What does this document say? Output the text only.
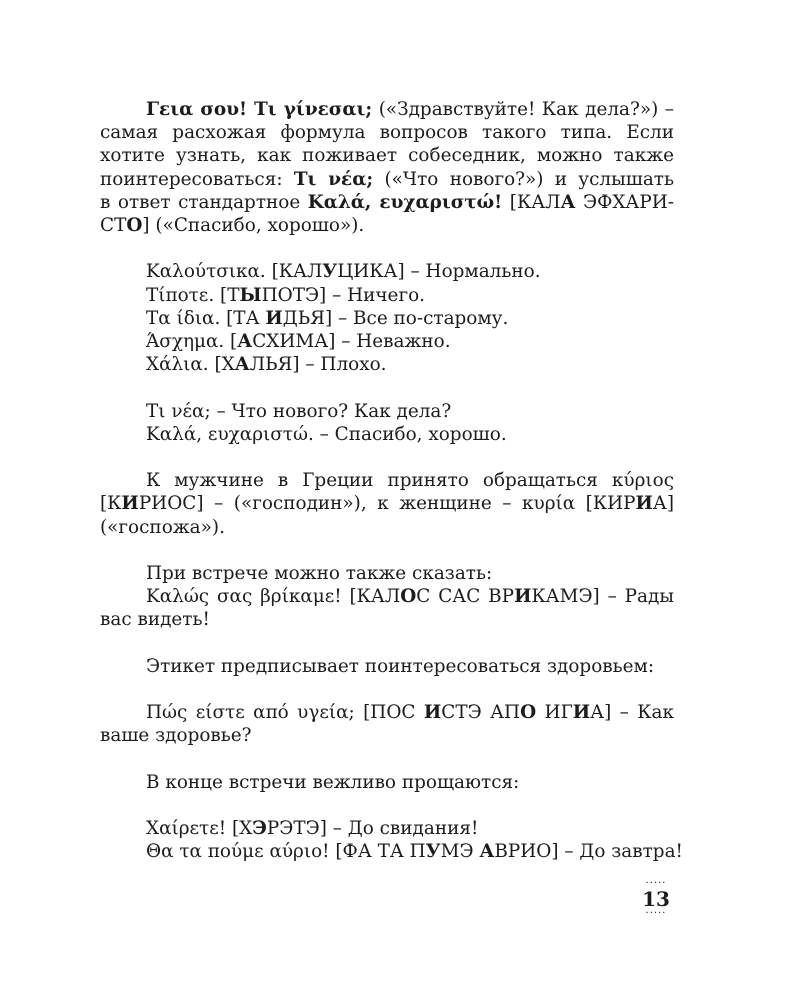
Γεια σου! Τι γίνεσαι; («Здравствуйте! Как дела?») –
самая расхожая формула вопросов такого типа. Если
хотите узнать, как поживает собеседник, можно также
поинтересоваться: Τι νέα; («Что нового?») и услышать
в ответ стандартное Καλά, ευχαριστώ! [КАЛА ЭФХАРИ-
СТО] («Спасибо, хорошо»).
Καλούτσικα. [КАЛУЦИКА] – Нормально.
Τίποτε. [ТЫПОТЭ] – Ничего.
Τα ίδια. [ТА ИДЬЯ] – Все по-старому.
Άσχημα. [АСХИМА] – Неважно.
Χάλια. [ХАЛЬЯ] – Плохо.
Τι νέα; – Что нового? Как дела?
Καλά, ευχαριστώ. – Спасибо, хорошо.
К мужчине в Греции принято обращаться κύριος
[КИРИОС] – («господин»), к женщине – κυρία [КИРИА]
(«госпожа»).
При встрече можно также сказать:
Καλώς σας βρίκαμε! [КАЛОС САС ВРИКАМЭ] – Рады
вас видеть!
Этикет предписывает поинтересоваться здоровьем:
Πώς είστε από υγεία; [ПОС ИСТЭ АПО ИГИА] – Как
ваше здоровье?
В конце встречи вежливо прощаются:
Χαίρετε! [ХЭРЭТЭ] – До свидания!
Θα τα πούμε αύριο! [ФА ТА ПУМЭ АВРИО] – До завтра!
·····
13
·····
